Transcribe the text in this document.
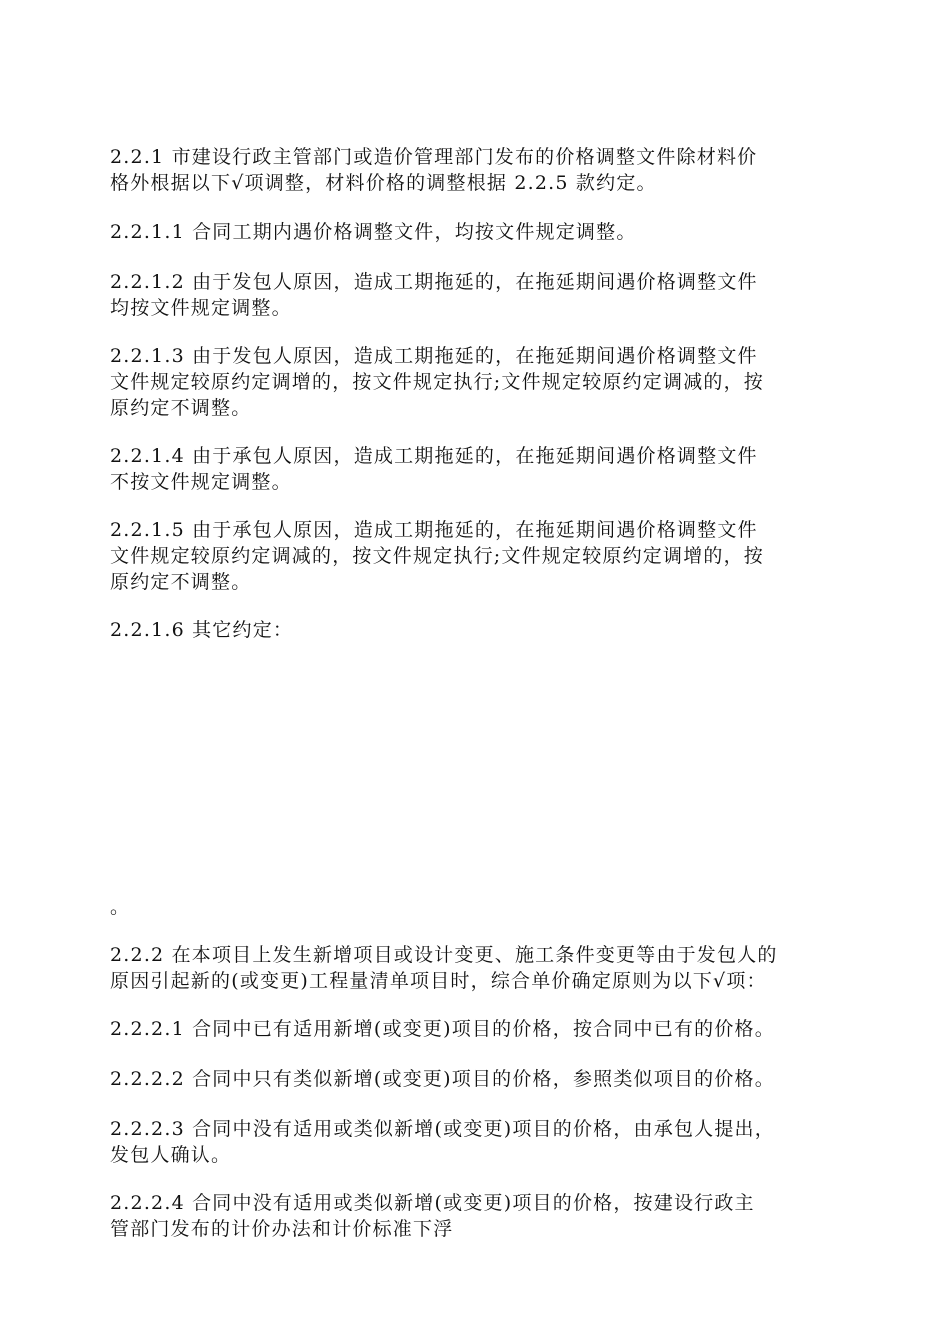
2.2.1 市建设行政主管部门或造价管理部门发布的价格调整文件除材料价
格外根据以下√项调整，材料价格的调整根据 2.2.5 款约定。
2.2.1.1 合同工期内遇价格调整文件，均按文件规定调整。
2.2.1.2 由于发包人原因，造成工期拖延的，在拖延期间遇价格调整文件
均按文件规定调整。
2.2.1.3 由于发包人原因，造成工期拖延的，在拖延期间遇价格调整文件
文件规定较原约定调增的，按文件规定执行;文件规定较原约定调减的，按
原约定不调整。
2.2.1.4 由于承包人原因，造成工期拖延的，在拖延期间遇价格调整文件
不按文件规定调整。
2.2.1.5 由于承包人原因，造成工期拖延的，在拖延期间遇价格调整文件
文件规定较原约定调减的，按文件规定执行;文件规定较原约定调增的，按
原约定不调整。
2.2.1.6 其它约定：
。
2.2.2 在本项目上发生新增项目或设计变更、施工条件变更等由于发包人的
原因引起新的(或变更)工程量清单项目时，综合单价确定原则为以下√项：
2.2.2.1 合同中已有适用新增(或变更)项目的价格，按合同中已有的价格。
2.2.2.2 合同中只有类似新增(或变更)项目的价格，参照类似项目的价格。
2.2.2.3 合同中没有适用或类似新增(或变更)项目的价格，由承包人提出，
发包人确认。
2.2.2.4 合同中没有适用或类似新增(或变更)项目的价格，按建设行政主
管部门发布的计价办法和计价标准下浮
